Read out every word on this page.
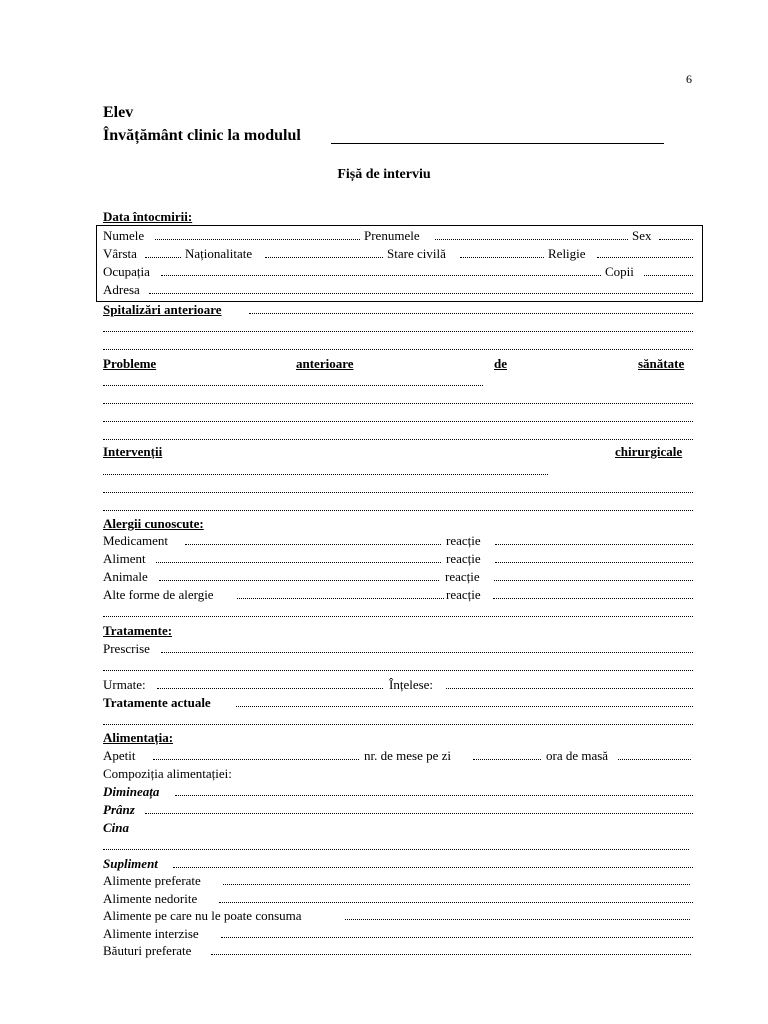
6
Elev
Învățământ clinic la modulul
Fișă de interviu
Data întocmirii:
Numele	Prenumele	Sex
Vârsta	Naționalitate	Stare civilă	Religie
Ocupația	Copii
Adresa
Spitalizări anterioare
Probleme	anterioare	de	sănătate
Intervenții	chirurgicale
Alergii cunoscute:
Medicament	reacție
Aliment	reacție
Animale	reacție
Alte forme de alergie	reacție
Tratamente:
Prescrise
Urmate:	Înțelese:
Tratamente actuale
Alimentația:
Apetit	nr. de mese pe zi	ora de masă
Compoziția alimentației:
Dimineața
Prânz
Cina
Supliment
Alimente preferate
Alimente nedorite
Alimente pe care nu le poate consuma
Alimente interzise
Băuturi preferate
